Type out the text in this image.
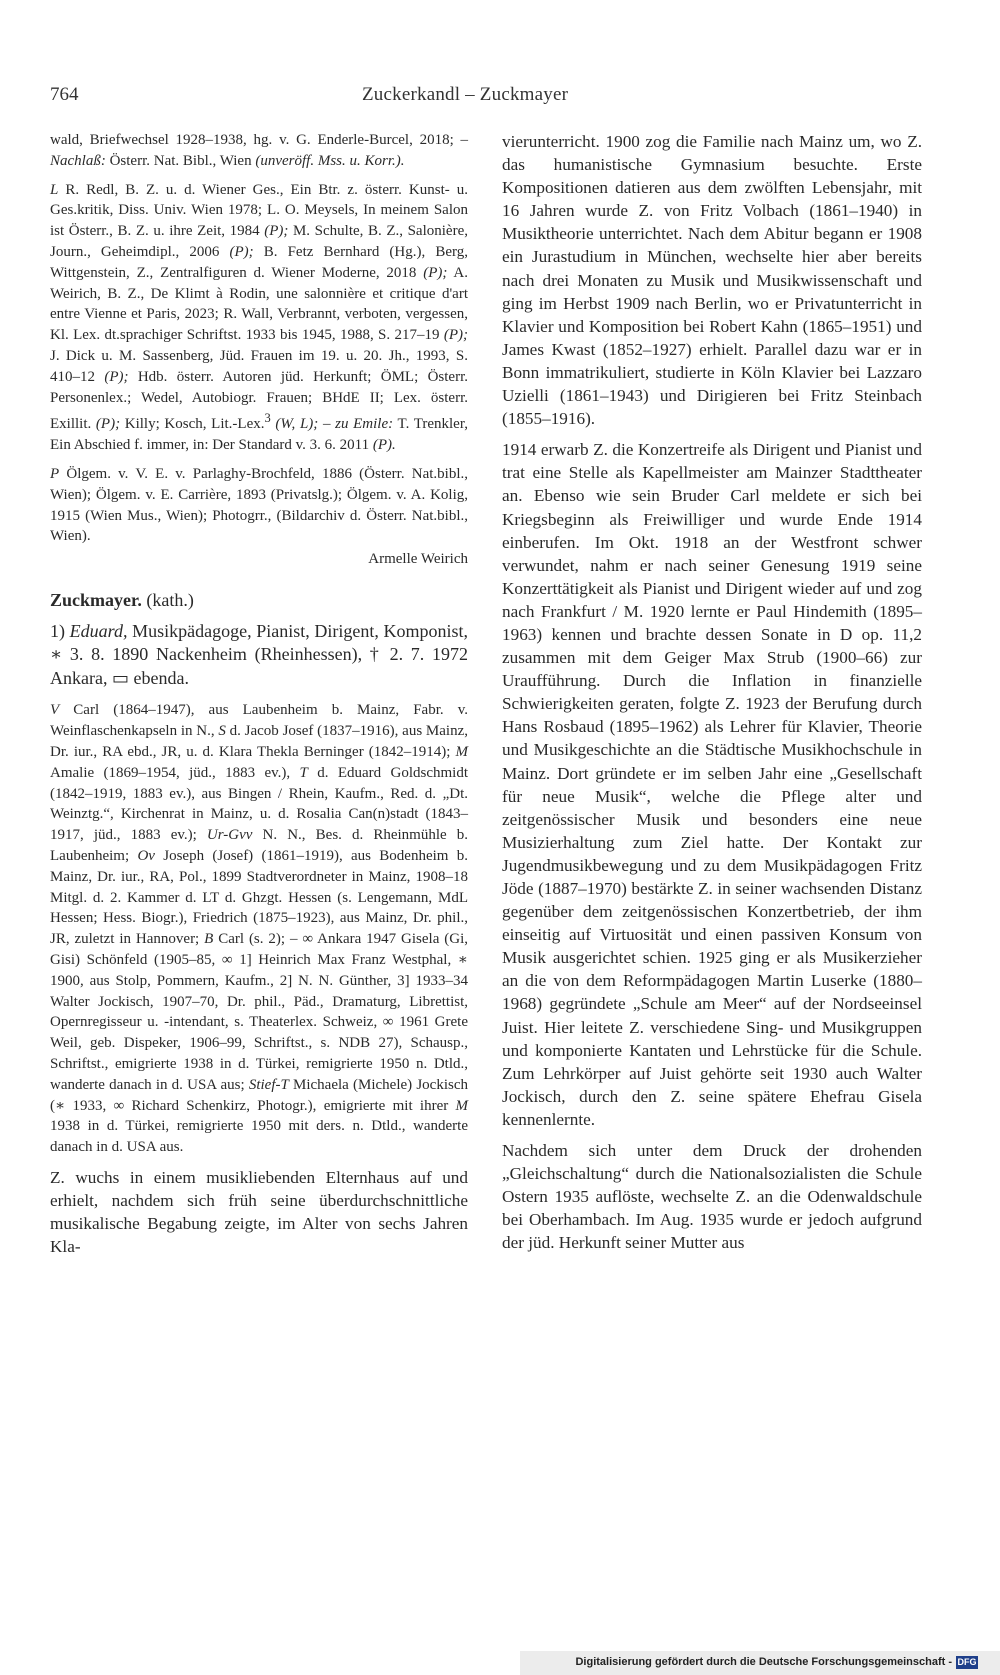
764	Zuckerkandl – Zuckmayer

wald, Briefwechsel 1928–1938, hg. v. G. Enderle-Burcel, 2018; – Nachlaß: Österr. Nat. Bibl., Wien (unveröff. Mss. u. Korr.).

L R. Redl, B. Z. u. d. Wiener Ges., Ein Btr. z. österr. Kunst- u. Ges.kritik, Diss. Univ. Wien 1978; L. O. Meysels, In meinem Salon ist Österr., B. Z. u. ihre Zeit, 1984 (P); M. Schulte, B. Z., Salonière, Journ., Geheimdipl., 2006 (P); B. Fetz Bernhard (Hg.), Berg, Wittgenstein, Z., Zentralfiguren d. Wiener Moderne, 2018 (P); A. Weirich, B. Z., De Klimt à Rodin, une salonnière et critique d'art entre Vienne et Paris, 2023; R. Wall, Verbrannt, verboten, vergessen, Kl. Lex. dt.sprachiger Schriftst. 1933 bis 1945, 1988, S. 217–19 (P); J. Dick u. M. Sassenberg, Jüd. Frauen im 19. u. 20. Jh., 1993, S. 410–12 (P); Hdb. österr. Autoren jüd. Herkunft; ÖML; Österr. Personenlex.; Wedel, Autobiogr. Frauen; BHdE II; Lex. österr. Exillit. (P); Killy; Kosch, Lit.-Lex.$^3$ (W, L); – zu Emile: T. Trenkler, Ein Abschied f. immer, in: Der Standard v. 3. 6. 2011 (P).

P Ölgem. v. V. E. v. Parlaghy-Brochfeld, 1886 (Österr. Nat.bibl., Wien); Ölgem. v. E. Carrière, 1893 (Privatslg.); Ölgem. v. A. Kolig, 1915 (Wien Mus., Wien); Photogrr., (Bildarchiv d. Österr. Nat.bibl., Wien).

Armelle Weirich

Zuckmayer. (kath.)

1) Eduard, Musikpädagoge, Pianist, Dirigent, Komponist, ∗ 3. 8. 1890 Nackenheim (Rheinhessen), † 2. 7. 1972 Ankara, ▭ ebenda.

V Carl (1864–1947), aus Laubenheim b. Mainz, Fabr. v. Weinflaschenkapseln in N., S d. Jacob Josef (1837–1916), aus Mainz, Dr. iur., RA ebd., JR, u. d. Klara Thekla Berninger (1842–1914); M Amalie (1869–1954, jüd., 1883 ev.), T d. Eduard Goldschmidt (1842–1919, 1883 ev.), aus Bingen / Rhein, Kaufm., Red. d. „Dt. Weinztg.“, Kirchenrat in Mainz, u. d. Rosalia Can(n)stadt (1843–1917, jüd., 1883 ev.); Ur-Gvv N. N., Bes. d. Rheinmühle b. Laubenheim; Ov Joseph (Josef) (1861–1919), aus Bodenheim b. Mainz, Dr. iur., RA, Pol., 1899 Stadtverordneter in Mainz, 1908–18 Mitgl. d. 2. Kammer d. LT d. Ghzgt. Hessen (s. Lengemann, MdL Hessen; Hess. Biogr.), Friedrich (1875–1923), aus Mainz, Dr. phil., JR, zuletzt in Hannover; B Carl (s. 2); – ∞ Ankara 1947 Gisela (Gi, Gisi) Schönfeld (1905–85, ∞ 1] Heinrich Max Franz Westphal, ∗ 1900, aus Stolp, Pommern, Kaufm., 2] N. N. Günther, 3] 1933–34 Walter Jockisch, 1907–70, Dr. phil., Päd., Dramaturg, Librettist, Opernregisseur u. -intendant, s. Theaterlex. Schweiz, ∞ 1961 Grete Weil, geb. Dispeker, 1906–99, Schriftst., s. NDB 27), Schausp., Schriftst., emigrierte 1938 in d. Türkei, remigrierte 1950 n. Dtld., wanderte danach in d. USA aus; Stief-T Michaela (Michele) Jockisch (∗ 1933, ∞ Richard Schenkirz, Photogr.), emigrierte mit ihrer M 1938 in d. Türkei, remigrierte 1950 mit ders. n. Dtld., wanderte danach in d. USA aus.

Z. wuchs in einem musikliebenden Elternhaus auf und erhielt, nachdem sich früh seine überdurchschnittliche musikalische Begabung zeigte, im Alter von sechs Jahren Kla-

vierunterricht. 1900 zog die Familie nach Mainz um, wo Z. das humanistische Gymnasium besuchte. Erste Kompositionen datieren aus dem zwölften Lebensjahr, mit 16 Jahren wurde Z. von Fritz Volbach (1861–1940) in Musiktheorie unterrichtet. Nach dem Abitur begann er 1908 ein Jurastudium in München, wechselte hier aber bereits nach drei Monaten zu Musik und Musikwissenschaft und ging im Herbst 1909 nach Berlin, wo er Privatunterricht in Klavier und Komposition bei Robert Kahn (1865–1951) und James Kwast (1852–1927) erhielt. Parallel dazu war er in Bonn immatrikuliert, studierte in Köln Klavier bei Lazzaro Uzielli (1861–1943) und Dirigieren bei Fritz Steinbach (1855–1916).

1914 erwarb Z. die Konzertreife als Dirigent und Pianist und trat eine Stelle als Kapellmeister am Mainzer Stadttheater an. Ebenso wie sein Bruder Carl meldete er sich bei Kriegsbeginn als Freiwilliger und wurde Ende 1914 einberufen. Im Okt. 1918 an der Westfront schwer verwundet, nahm er nach seiner Genesung 1919 seine Konzerttätigkeit als Pianist und Dirigent wieder auf und zog nach Frankfurt / M. 1920 lernte er Paul Hindemith (1895–1963) kennen und brachte dessen Sonate in D op. 11,2 zusammen mit dem Geiger Max Strub (1900–66) zur Uraufführung. Durch die Inflation in finanzielle Schwierigkeiten geraten, folgte Z. 1923 der Berufung durch Hans Rosbaud (1895–1962) als Lehrer für Klavier, Theorie und Musikgeschichte an die Städtische Musikhochschule in Mainz. Dort gründete er im selben Jahr eine „Gesellschaft für neue Musik“, welche die Pflege alter und zeitgenössischer Musik und besonders eine neue Musizierhaltung zum Ziel hatte. Der Kontakt zur Jugendmusikbewegung und zu dem Musikpädagogen Fritz Jöde (1887–1970) bestärkte Z. in seiner wachsenden Distanz gegenüber dem zeitgenössischen Konzertbetrieb, der ihm einseitig auf Virtuosität und einen passiven Konsum von Musik ausgerichtet schien. 1925 ging er als Musikerzieher an die von dem Reformpädagogen Martin Luserke (1880–1968) gegründete „Schule am Meer“ auf der Nordseeinsel Juist. Hier leitete Z. verschiedene Sing- und Musikgruppen und komponierte Kantaten und Lehrstücke für die Schule. Zum Lehrkörper auf Juist gehörte seit 1930 auch Walter Jockisch, durch den Z. seine spätere Ehefrau Gisela kennenlernte.

Nachdem sich unter dem Druck der drohenden „Gleichschaltung“ durch die Nationalsozialisten die Schule Ostern 1935 auflöste, wechselte Z. an die Odenwaldschule bei Oberhambach. Im Aug. 1935 wurde er jedoch aufgrund der jüd. Herkunft seiner Mutter aus

Digitalisierung gefördert durch die Deutsche Forschungsgemeinschaft - DFG
